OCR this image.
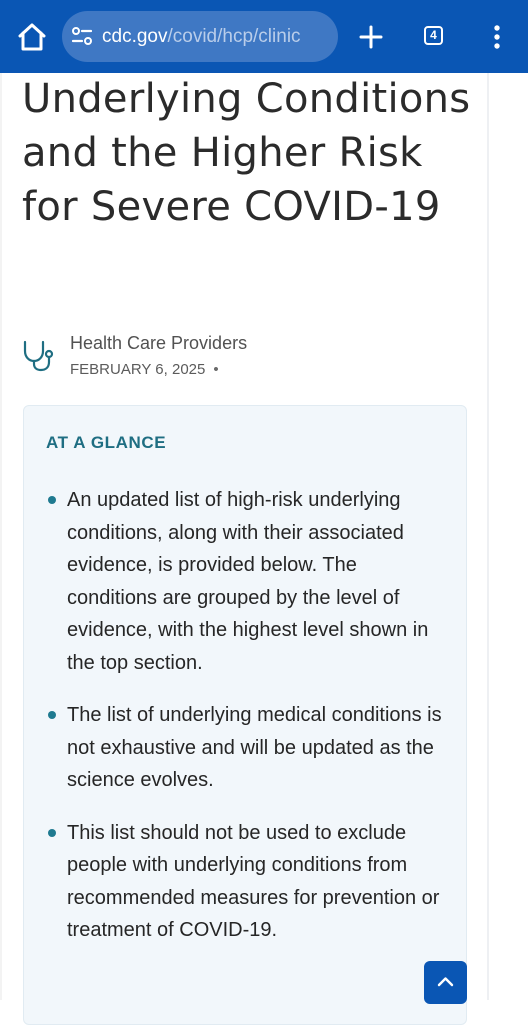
cdc.gov/covid/hcp/clinic	4
Underlying Conditions and the Higher Risk for Severe COVID-19
Health Care Providers
FEBRUARY 6, 2025 •
AT A GLANCE
An updated list of high-risk underlying conditions, along with their associated evidence, is provided below. The conditions are grouped by the level of evidence, with the highest level shown in the top section.
The list of underlying medical conditions is not exhaustive and will be updated as the science evolves.
This list should not be used to exclude people with underlying conditions from recommended measures for prevention or treatment of COVID-19.
